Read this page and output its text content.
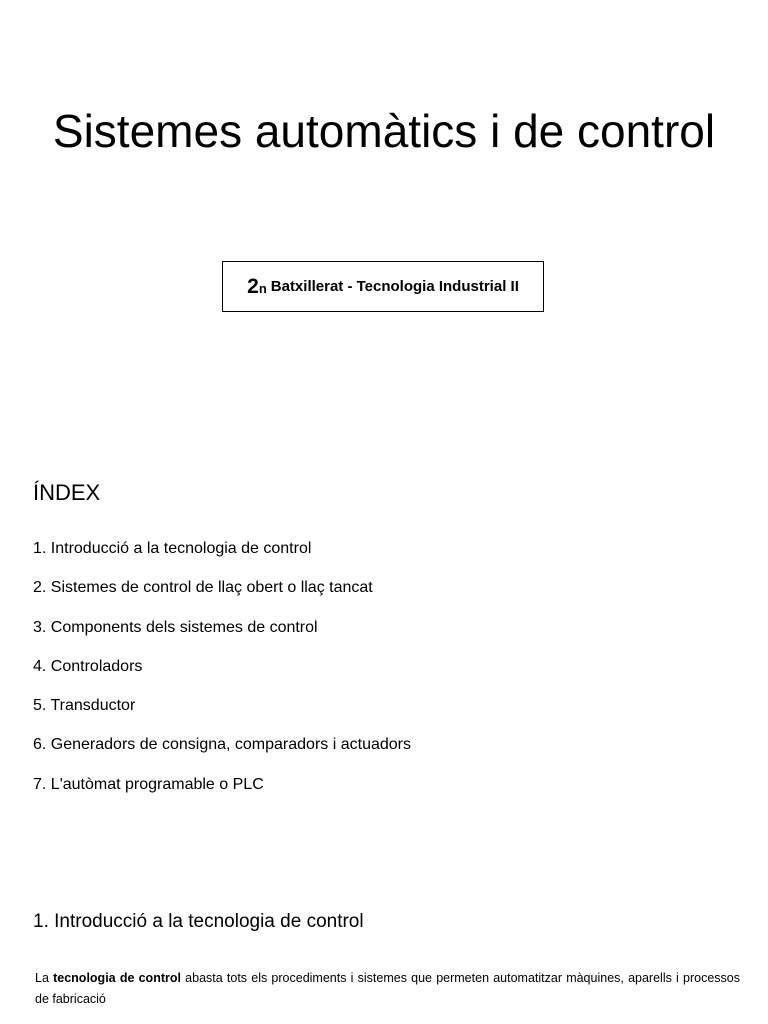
Sistemes automàtics i de control
2 n Batxillerat - Tecnologia Industrial II
ÍNDEX
1. Introducció a la tecnologia de control
2. Sistemes de control de llaç obert o llaç tancat
3. Components dels sistemes de control
4. Controladors
5. Transductor
6. Generadors de consigna, comparadors i actuadors
7. L'autòmat programable o PLC
1. Introducció a la tecnologia de control

La tecnologia de control abasta tots els procediments i sistemes que permeten automatitzar màquines, aparells i processos de fabricació
